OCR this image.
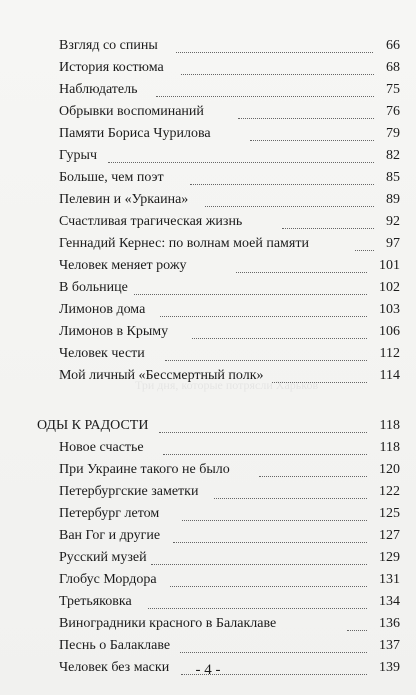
Три дня, которые потрясли Харьков
Взгляд со спины	66
История костюма	68
Наблюдатель	75
Обрывки воспоминаний	76
Памяти Бориса Чурилова	79
Гурыч	82
Больше, чем поэт	85
Пелевин и «Уркаина»	89
Счастливая трагическая жизнь	92
Геннадий Кернес: по волнам моей памяти	97
Человек меняет рожу	101
В больнице	102
Лимонов дома	103
Лимонов в Крыму	106
Человек чести	112
Мой личный «Бессмертный полк»	114
ОДЫ К РАДОСТИ	118
Новое счастье	118
При Украине такого не было	120
Петербургские заметки	122
Петербург летом	125
Ван Гог и другие	127
Русский музей	129
Глобус Мордора	131
Третьяковка	134
Виноградники красного в Балаклаве	136
Песнь о Балаклаве	137
Человек без маски	139
- 4 -
